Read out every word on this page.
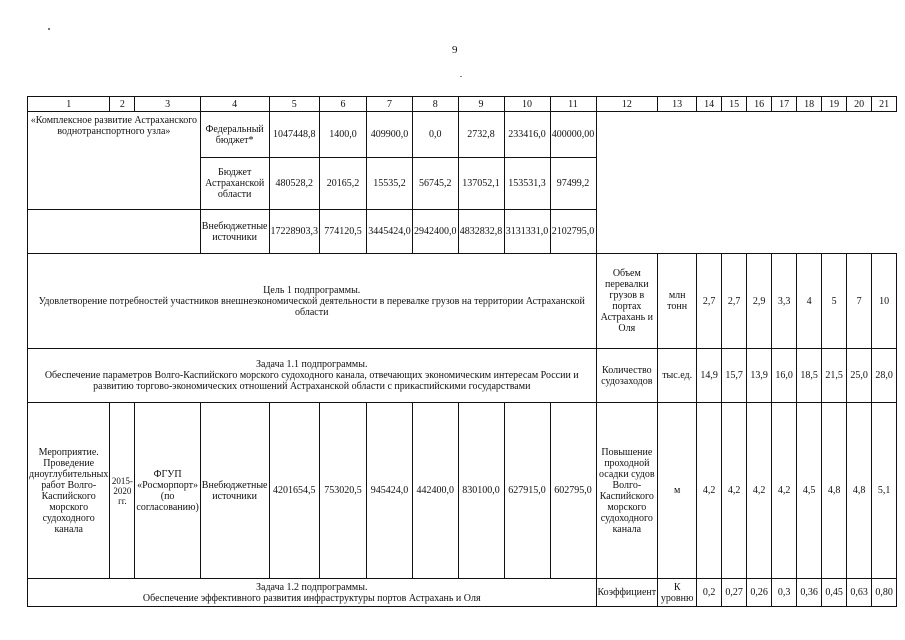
9
1	2	3	4	5	6	7	8	9	10	11	12	13	14	15	16	17	18	19	20	21
«Комплексное развитие Астраханского воднотранспортного узла»			Федеральный бюджет*	1047448,8	1400,0	409900,0	0,0	2732,8	233416,0	400000,00										
			Бюджет Астраханской области	480528,2	20165,2	15535,2	56745,2	137052,1	153531,3	97499,2										
			Внебюджетные источники	17228903,3	774120,5	3445424,0	2942400,0	4832832,8	3131331,0	2102795,0										

Цель 1 подпрограммы.
Удовлетворение потребностей участников внешнеэкономической деятельности в перевалке грузов на территории Астраханской области											Объем перевалки грузов в портах Астрахань и Оля	млн тонн	2,7	2,7	2,9	3,3	4	5	7	10

Задача 1.1 подпрограммы.
Обеспечение параметров Волго-Каспийского морского судоходного канала, отвечающих экономическим интересам России и развитию торгово-экономических отношений Астраханской области с прикаспийскими государствами											Количество судозаходов	тыс.ед.	14,9	15,7	13,9	16,0	18,5	21,5	25,0	28,0
Мероприятие. Проведение дноуглубительных работ Волго-Каспийского морского судоходного канала	2015-2020 гг.	ФГУП «Росморпорт» (по согласованию)	Внебюджетные источники	4201654,5	753020,5	945424,0	442400,0	830100,0	627915,0	602795,0	Повышение проходной осадки судов Волго-Каспийского морского судоходного канала	м	4,2	4,2	4,2	4,2	4,5	4,8	4,8	5,1

Задача 1.2 подпрограммы.
Обеспечение эффективного развития инфраструктуры портов Астрахань и Оля											Коэффициент	К уровню	0,2	0,27	0,26	0,3	0,36	0,45	0,63	0,80
